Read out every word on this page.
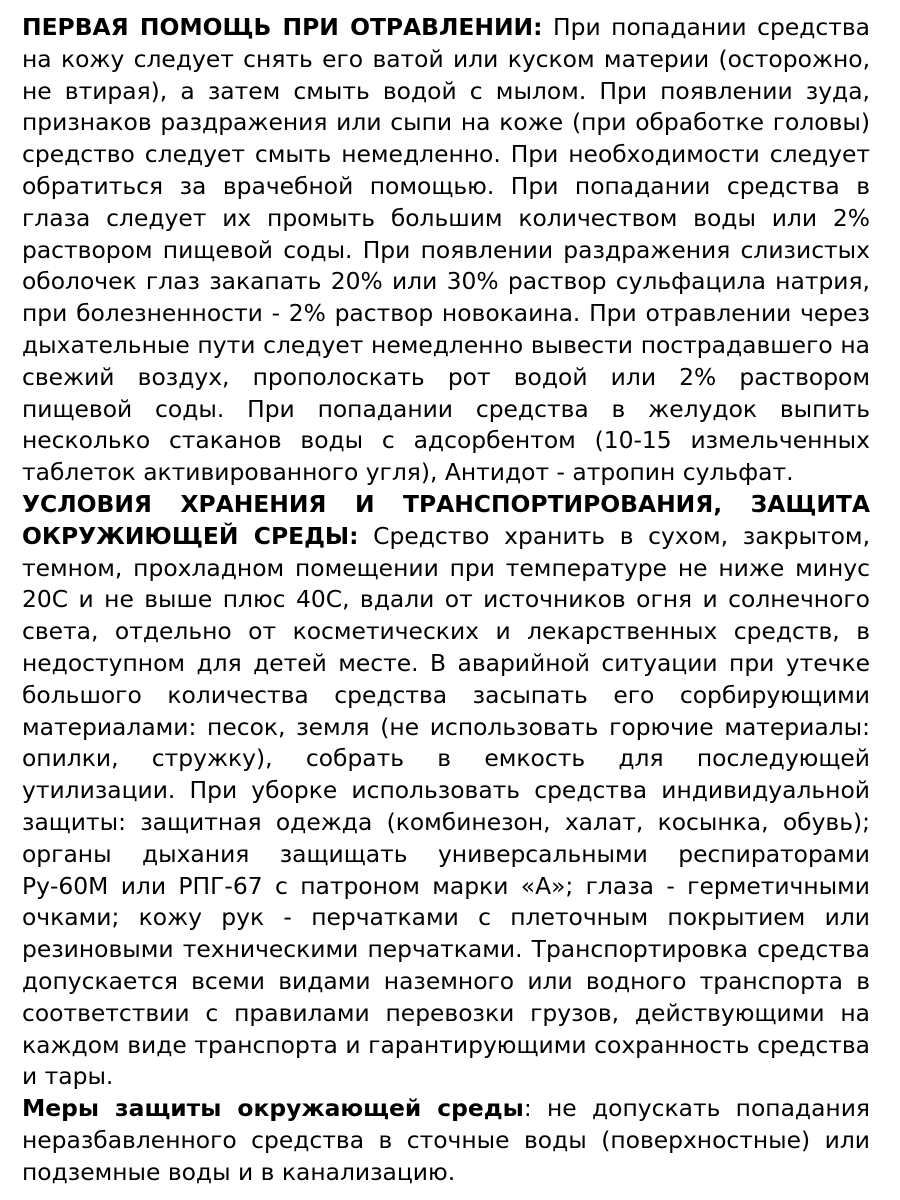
ПЕРВАЯ ПОМОЩЬ ПРИ ОТРАВЛЕНИИ: При попадании средства на кожу следует снять его ватой или куском материи (осторожно, не втирая), а затем смыть водой с мылом. При появлении зуда, признаков раздражения или сыпи на коже (при обработке головы) средство следует смыть немедленно. При необходимости следует обратиться за врачебной помощью. При попадании средства в глаза следует их промыть большим количеством воды или 2% раствором пищевой соды. При появлении раздражения слизистых оболочек глаз закапать 20% или 30% раствор сульфацила натрия, при болезненности - 2% раствор новокаина. При отравлении через дыхательные пути следует немедленно вывести пострадавшего на свежий воздух, прополоскать рот водой или 2% раствором пищевой соды. При попадании средства в желудок выпить несколько стаканов воды с адсорбентом (10-15 измельченных таблеток активированного угля), Антидот - атропин сульфат.

УСЛОВИЯ ХРАНЕНИЯ И ТРАНСПОРТИРОВАНИЯ, ЗАЩИТА ОКРУЖИЮЩЕЙ СРЕДЫ: Средство хранить в сухом, закрытом, темном, прохладном помещении при температуре не ниже минус 20С и не выше плюс 40С, вдали от источников огня и солнечного света, отдельно от косметических и лекарственных средств, в недоступном для детей месте. В аварийной ситуации при утечке большого количества средства засыпать его сорбирующими материалами: песок, земля (не использовать горючие материалы: опилки, стружку), собрать в емкость для последующей утилизации. При уборке использовать средства индивидуальной защиты: защитная одежда (комбинезон, халат, косынка, обувь); органы дыхания защищать универсальными респираторами Ру-60М или РПГ-67 с патроном марки «А»; глаза - герметичными очками; кожу рук - перчатками с плеточным покрытием или резиновыми техническими перчатками. Транспортировка средства допускается всеми видами наземного или водного транспорта в соответствии с правилами перевозки грузов, действующими на каждом виде транспорта и гарантирующими сохранность средства и тары.

Меры защиты окружающей среды: не допускать попадания неразбавленного средства в сточные воды (поверхностные) или подземные воды и в канализацию.
